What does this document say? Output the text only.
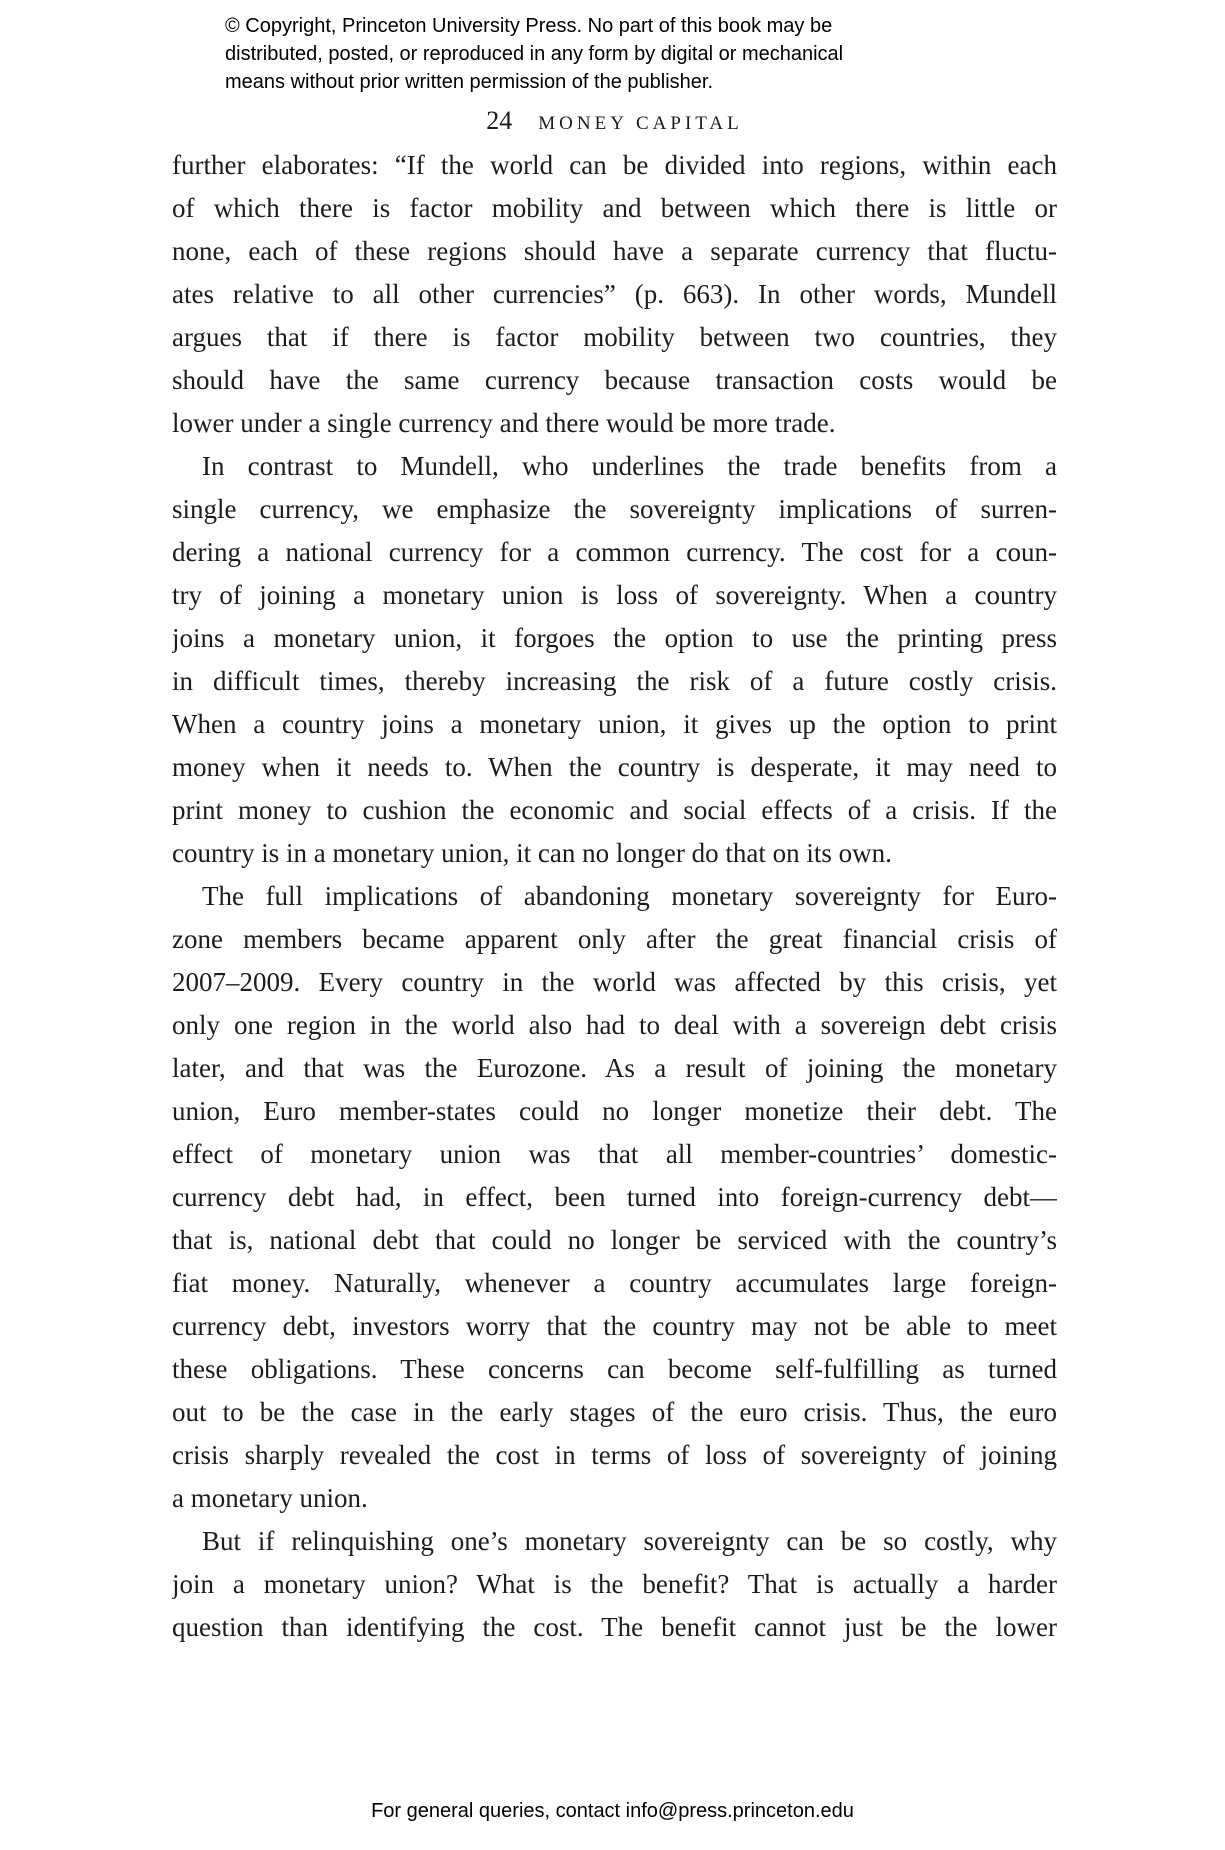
© Copyright, Princeton University Press. No part of this book may be
distributed, posted, or reproduced in any form by digital or mechanical
means without prior written permission of the publisher.
24 MONEY CAPITAL
further elaborates: “If the world can be divided into regions, within each
of which there is factor mobility and between which there is little or
none, each of these regions should have a separate currency that fluctu-
ates relative to all other currencies” (p. 663). In other words, Mundell
argues that if there is factor mobility between two countries, they
should have the same currency because transaction costs would be
lower under a single currency and there would be more trade.
In contrast to Mundell, who underlines the trade benefits from a
single currency, we emphasize the sovereignty implications of surren-
dering a national currency for a common currency. The cost for a coun-
try of joining a monetary union is loss of sovereignty. When a country
joins a monetary union, it forgoes the option to use the printing press
in difficult times, thereby increasing the risk of a future costly crisis.
When a country joins a monetary union, it gives up the option to print
money when it needs to. When the country is desperate, it may need to
print money to cushion the economic and social effects of a crisis. If the
country is in a monetary union, it can no longer do that on its own.
The full implications of abandoning monetary sovereignty for Euro-
zone members became apparent only after the great financial crisis of
2007–2009. Every country in the world was affected by this crisis, yet
only one region in the world also had to deal with a sovereign debt crisis
later, and that was the Eurozone. As a result of joining the monetary
union, Euro member-states could no longer monetize their debt. The
effect of monetary union was that all member-countries’ domestic-
currency debt had, in effect, been turned into foreign-currency debt—
that is, national debt that could no longer be serviced with the country’s
fiat money. Naturally, whenever a country accumulates large foreign-
currency debt, investors worry that the country may not be able to meet
these obligations. These concerns can become self-fulfilling as turned
out to be the case in the early stages of the euro crisis. Thus, the euro
crisis sharply revealed the cost in terms of loss of sovereignty of joining
a monetary union.
But if relinquishing one’s monetary sovereignty can be so costly, why
join a monetary union? What is the benefit? That is actually a harder
question than identifying the cost. The benefit cannot just be the lower
For general queries, contact info@press.princeton.edu
